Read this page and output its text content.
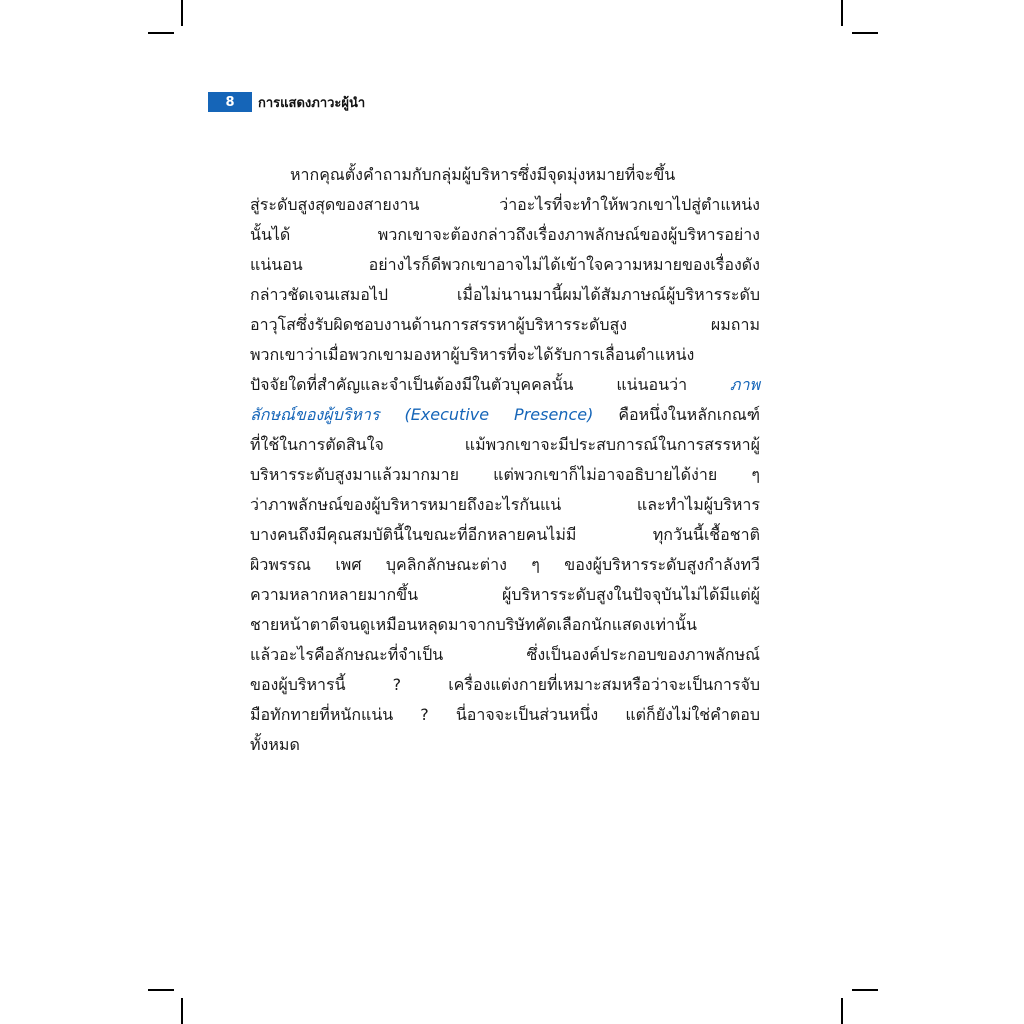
8	การแสดงภาวะผู้นำ
หากคุณตั้งคำถามกับกลุ่มผู้บริหารซึ่งมีจุดมุ่งหมายที่จะขึ้น
สู่ระดับสูงสุดของสายงาน ว่าอะไรที่จะทำให้พวกเขาไปสู่ตำแหน่ง
นั้นได้ พวกเขาจะต้องกล่าวถึงเรื่องภาพลักษณ์ของผู้บริหารอย่าง
แน่นอน อย่างไรก็ดีพวกเขาอาจไม่ได้เข้าใจความหมายของเรื่องดัง
กล่าวชัดเจนเสมอไป เมื่อไม่นานมานี้ผมได้สัมภาษณ์ผู้บริหารระดับ
อาวุโสซึ่งรับผิดชอบงานด้านการสรรหาผู้บริหารระดับสูง ผมถาม
พวกเขาว่าเมื่อพวกเขามองหาผู้บริหารที่จะได้รับการเลื่อนตำแหน่ง
ปัจจัยใดที่สำคัญและจำเป็นต้องมีในตัวบุคคลนั้น แน่นอนว่า	ภาพ
ลักษณ์ของผู้บริหาร (Executive Presence) คือหนึ่งในหลักเกณฑ์
ที่ใช้ในการตัดสินใจ แม้พวกเขาจะมีประสบการณ์ในการสรรหาผู้
บริหารระดับสูงมาแล้วมากมาย แต่พวกเขาก็ไม่อาจอธิบายได้ง่าย ๆ
ว่าภาพลักษณ์ของผู้บริหารหมายถึงอะไรกันแน่ และทำไมผู้บริหาร
บางคนถึงมีคุณสมบัตินี้ในขณะที่อีกหลายคนไม่มี ทุกวันนี้เชื้อชาติ
ผิวพรรณ เพศ บุคลิกลักษณะต่าง ๆ ของผู้บริหารระดับสูงกำลังทวี
ความหลากหลายมากขึ้น ผู้บริหารระดับสูงในปัจจุบันไม่ได้มีแต่ผู้
ชายหน้าตาดีจนดูเหมือนหลุดมาจากบริษัทคัดเลือกนักแสดงเท่านั้น
แล้วอะไรคือลักษณะที่จำเป็น ซึ่งเป็นองค์ประกอบของภาพลักษณ์
ของผู้บริหารนี้ ? เครื่องแต่งกายที่เหมาะสมหรือว่าจะเป็นการจับ
มือทักทายที่หนักแน่น ? นี่อาจจะเป็นส่วนหนึ่ง แต่ก็ยังไม่ใช่คำตอบ
ทั้งหมด
